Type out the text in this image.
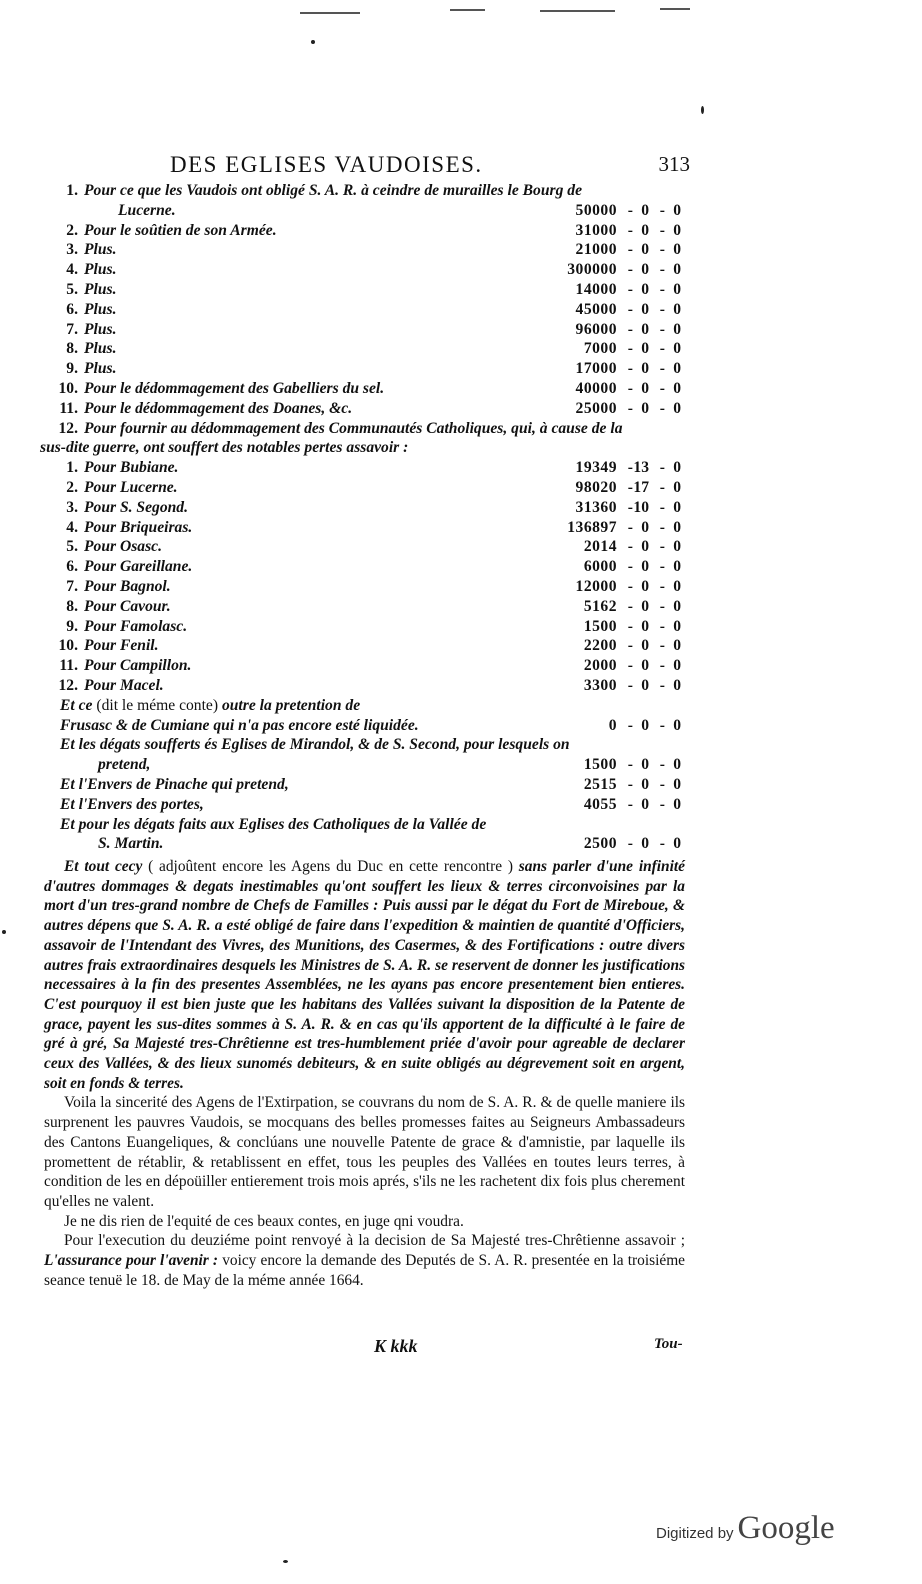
DES EGLISES VAUDOISES.	313
1. Pour ce que les Vaudois ont obligé S. A. R. à ceindre de murailles le Bourg de
Lucerne.	50000 - 0 - 0
2. Pour le soûtien de son Armée.	31000 - 0 - 0
3. Plus.	21000 - 0 - 0
4. Plus.	300000 - 0 - 0
5. Plus.	14000 - 0 - 0
6. Plus.	45000 - 0 - 0
7. Plus.	96000 - 0 - 0
8. Plus.	7000 - 0 - 0
9. Plus.	17000 - 0 - 0
10. Pour le dédommagement des Gabelliers du sel.	40000 - 0 - 0
11. Pour le dédommagement des Doanes, &c.	25000 - 0 - 0
12. Pour fournir au dédommagement des Communautés Catholiques, qui, à cause de la
sus-dite guerre, ont souffert des notables pertes assavoir :
1. Pour Bubiane.	19349 - 13 - 0
2. Pour Lucerne.	98020 - 17 - 0
3. Pour S. Segond.	31360 - 10 - 0
4. Pour Briqueiras.	136897 - 0 - 0
5. Pour Osasc.	2014 - 0 - 0
6. Pour Gareillane.	6000 - 0 - 0
7. Pour Bagnol.	12000 - 0 - 0
8. Pour Cavour.	5162 - 0 - 0
9. Pour Famolasc.	1500 - 0 - 0
10. Pour Fenil.	2200 - 0 - 0
11. Pour Campillon.	2000 - 0 - 0
12. Pour Macel.	3300 - 0 - 0
Et ce (dit le méme conte) outre la pretention de
Frusasc & de Cumiane qui n'a pas encore esté liquidée.	0 - 0 - 0
Et les dégats soufferts és Eglises de Mirandol, & de S. Second, pour lesquels on
pretend,	1500 - 0 - 0
Et l'Envers de Pinache qui pretend,	2515 - 0 - 0
Et l'Envers des portes,	4055 - 0 - 0
Et pour les dégats faits aux Eglises des Catholiques de la Vallée de
S. Martin.	2500 - 0 - 0

Et tout cecy ( adjoûtent encore les Agens du Duc en cette rencontre ) sans parler d'une infinité d'autres dommages & degats inestimables qu'ont souffert les lieux & terres circonvoisines par la mort d'un tres-grand nombre de Chefs de Familles : Puis aussi par le dégat du Fort de Mireboue, & autres dépens que S. A. R. a esté obligé de faire dans l'expedition & maintien de quantité d'Officiers, assavoir de l'Intendant des Vivres, des Munitions, des Casermes, & des Fortifications : outre divers autres frais extraordinaires desquels les Ministres de S. A. R. se reservent de donner les justifications necessaires à la fin des presentes Assemblées, ne les ayans pas encore presentement bien entieres. C'est pourquoy il est bien juste que les habitans des Vallées suivant la disposition de la Patente de grace, payent les sus-dites sommes à S. A. R. & en cas qu'ils apportent de la difficulté à le faire de gré à gré, Sa Majesté tres-Chrêtienne est tres-humblement priée d'avoir pour agreable de declarer ceux des Vallées, & des lieux sunomés debiteurs, & en suite obligés au dégrevement soit en argent, soit en fonds & terres.

Voila la sincerité des Agens de l'Extirpation, se couvrans du nom de S. A. R. & de quelle maniere ils surprenent les pauvres Vaudois, se mocquans des belles promesses faites au Seigneurs Ambassadeurs des Cantons Euangeliques, & conclúans une nouvelle Patente de grace & d'amnistie, par laquelle ils promettent de rétablir, & retablissent en effet, tous les peuples des Vallées en toutes leurs terres, à condition de les en dépoüiller entierement trois mois aprés, s'ils ne les rachetent dix fois plus cherement qu'elles ne valent.

Je ne dis rien de l'equité de ces beaux contes, en juge qni voudra.

Pour l'execution du deuziéme point renvoyé à la decision de Sa Majesté tres-Chrêtienne assavoir ; L'assurance pour l'avenir : voicy encore la demande des Deputés de S. A. R. presentée en la troisiéme seance tenuë le 18. de May de la méme année 1664.

K kkk	Tou-
Digitized by Google
